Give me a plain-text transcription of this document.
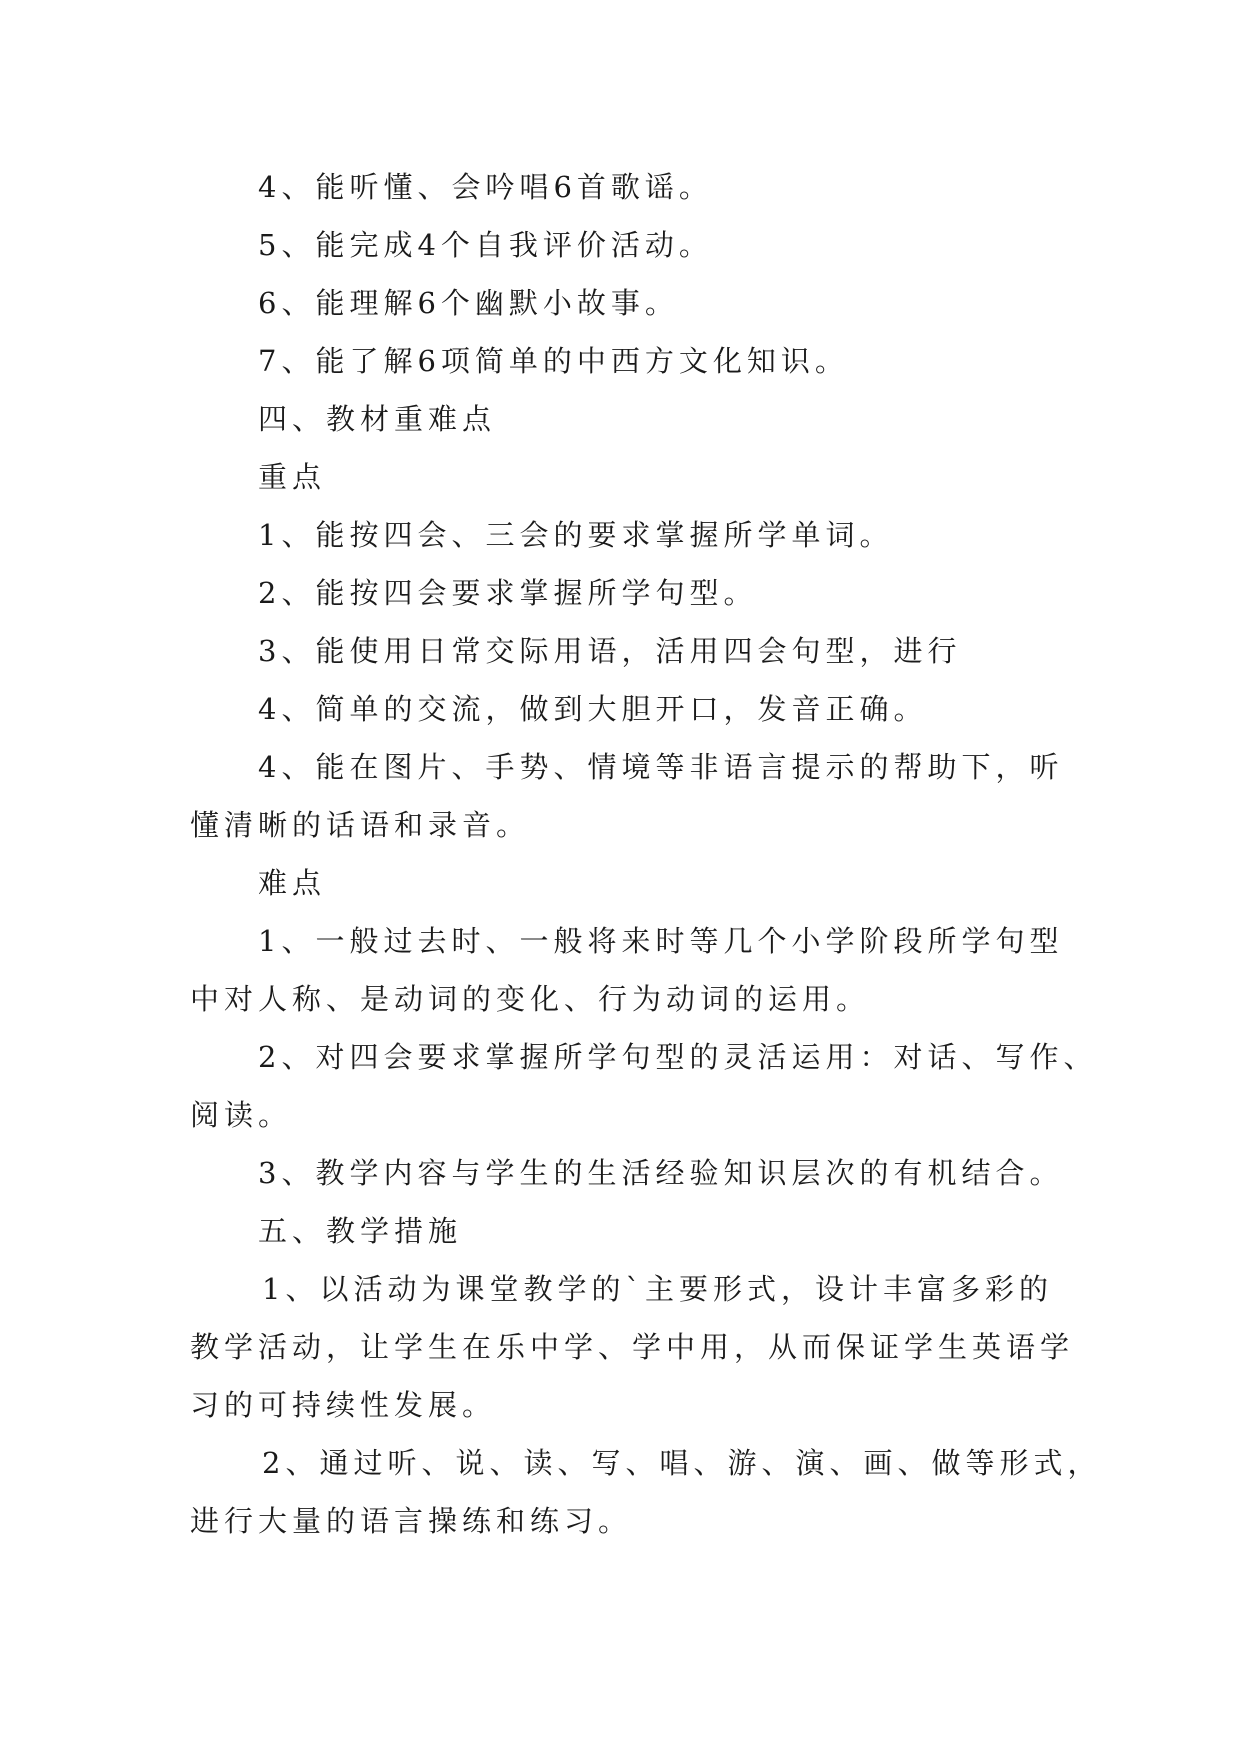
4、能听懂、会吟唱6首歌谣。
5、能完成4个自我评价活动。
6、能理解6个幽默小故事。
7、能了解6项简单的中西方文化知识。
四、教材重难点
重点
1、能按四会、三会的要求掌握所学单词。
2、能按四会要求掌握所学句型。
3、能使用日常交际用语，活用四会句型，进行
4、简单的交流，做到大胆开口，发音正确。
4、能在图片、手势、情境等非语言提示的帮助下，听
懂清晰的话语和录音。
难点
1、一般过去时、一般将来时等几个小学阶段所学句型
中对人称、是动词的变化、行为动词的运用。
2、对四会要求掌握所学句型的灵活运用：对话、写作、
阅读。
3、教学内容与学生的生活经验知识层次的有机结合。
五、教学措施
1、以活动为课堂教学的`主要形式，设计丰富多彩的
教学活动，让学生在乐中学、学中用，从而保证学生英语学
习的可持续性发展。
2、通过听、说、读、写、唱、游、演、画、做等形式，
进行大量的语言操练和练习。
